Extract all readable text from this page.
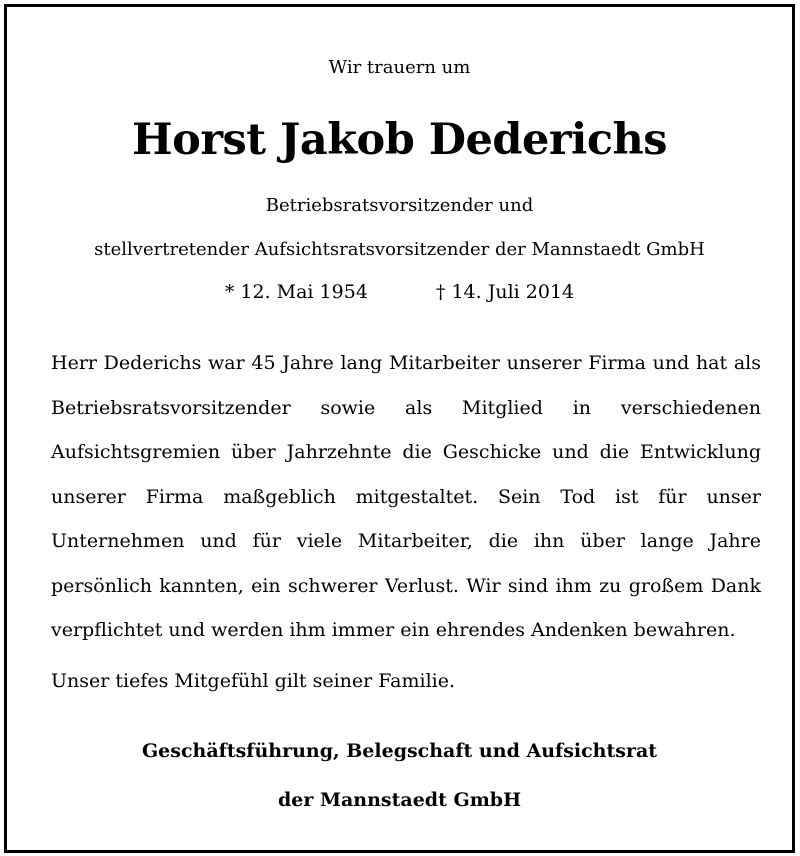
Wir trauern um
Horst Jakob Dederichs
Betriebsratsvorsitzender und
stellvertretender Aufsichtsratsvorsitzender der Mannstaedt GmbH
* 12. Mai 1954	† 14. Juli 2014
Herr Dederichs war 45 Jahre lang Mitarbeiter unserer Firma und hat als Betriebsratsvorsitzender sowie als Mitglied in verschiedenen Aufsichtsgremien über Jahrzehnte die Geschicke und die Entwicklung unserer Firma maßgeblich mitgestaltet. Sein Tod ist für unser Unternehmen und für viele Mitarbeiter, die ihn über lange Jahre persönlich kannten, ein schwerer Verlust. Wir sind ihm zu großem Dank verpflichtet und werden ihm immer ein ehrendes Andenken bewahren.
Unser tiefes Mitgefühl gilt seiner Familie.
Geschäftsführung, Belegschaft und Aufsichtsrat
der Mannstaedt GmbH
